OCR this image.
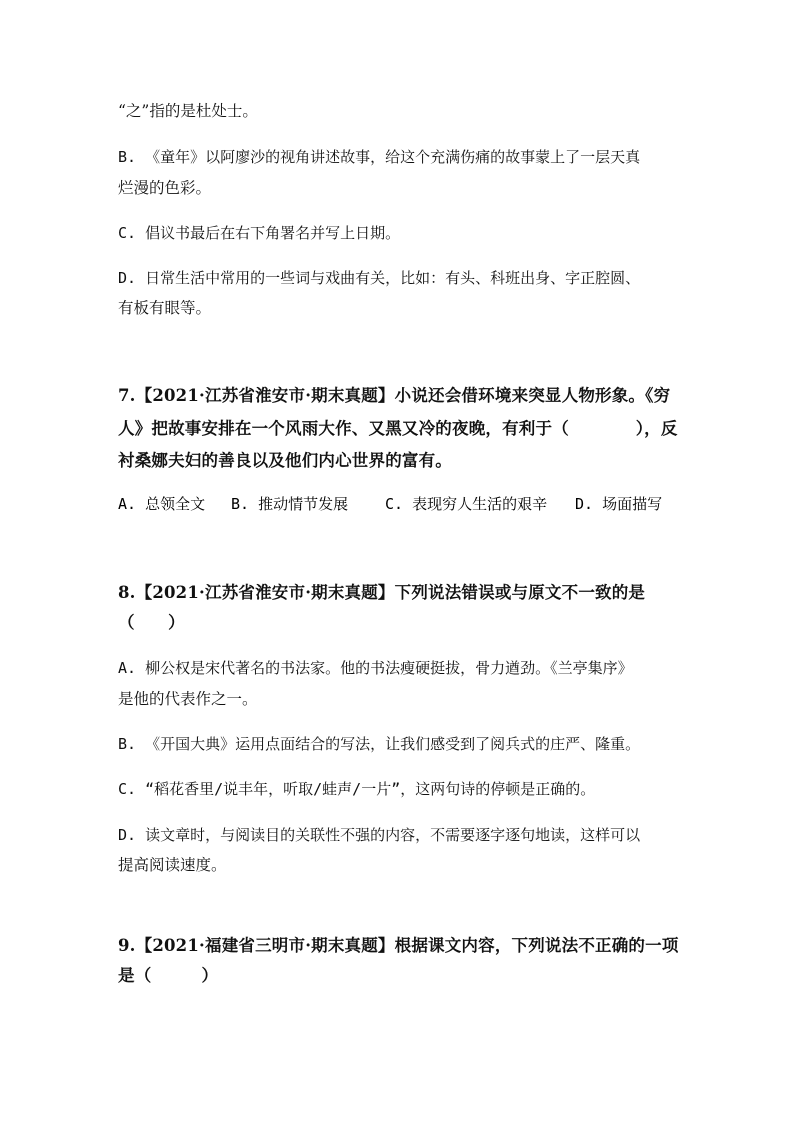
“之”指的是杜处士。
B. 《童年》以阿廖沙的视角讲述故事，给这个充满伤痛的故事蒙上了一层天真
烂漫的色彩。
C. 倡议书最后在右下角署名并写上日期。
D. 日常生活中常用的一些词与戏曲有关，比如：有头、科班出身、字正腔圆、
有板有眼等。
7.【2021·江苏省淮安市·期末真题】小说还会借环境来突显人物形象。《穷
人》把故事安排在一个风雨大作、又黑又冷的夜晚，有利于（　　　　），反
衬桑娜夫妇的善良以及他们内心世界的富有。
A. 总领全文 B. 推动情节发展 C. 表现穷人生活的艰辛 D. 场面描写
8.【2021·江苏省淮安市·期末真题】下列说法错误或与原文不一致的是
（　　）
A. 柳公权是宋代著名的书法家。他的书法瘦硬挺拔，骨力遒劲。《兰亭集序》
是他的代表作之一。
B. 《开国大典》运用点面结合的写法，让我们感受到了阅兵式的庄严、隆重。
C. “稻花香里/说丰年，听取/蛙声/一片”，这两句诗的停顿是正确的。
D. 读文章时，与阅读目的关联性不强的内容，不需要逐字逐句地读，这样可以
提高阅读速度。
9.【2021·福建省三明市·期末真题】根据课文内容，下列说法不正确的一项
是（　　　）
